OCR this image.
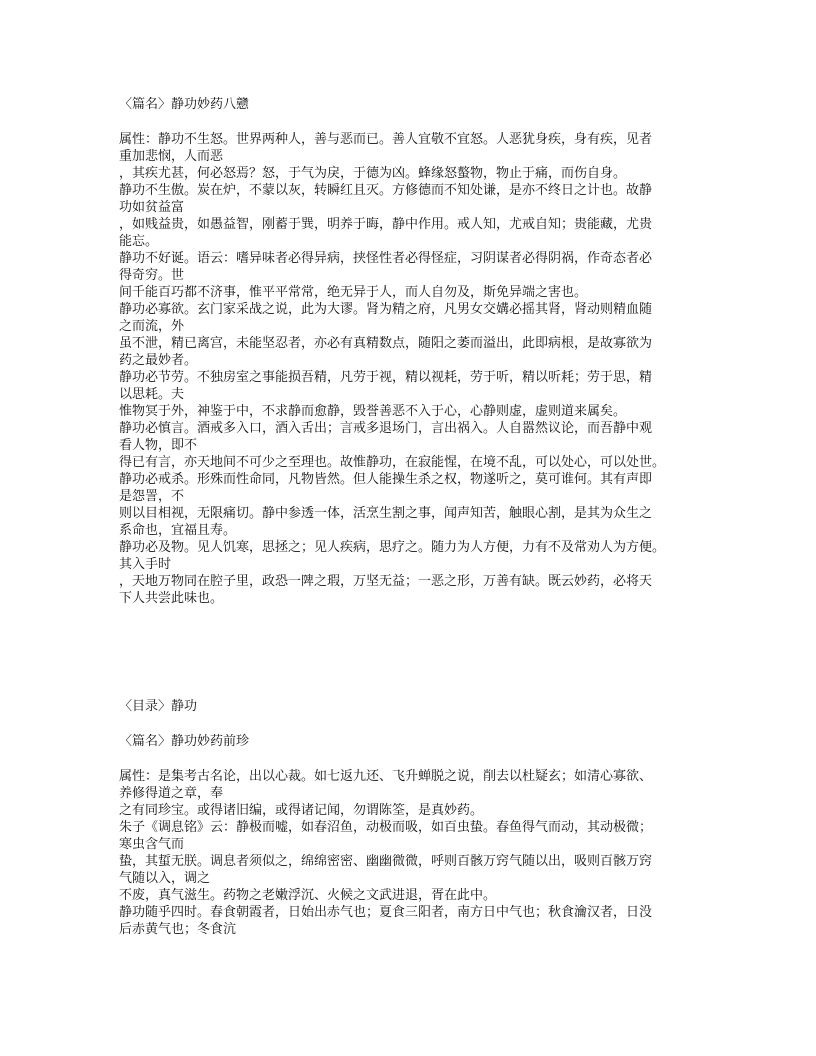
〈篇名〉静功妙药八戆
属性：静功不生怒。世界两种人，善与恶而已。善人宜敬不宜怒。人恶犹身疾，身有疾，见者
重加悲悯，人而恶
，其疾尤甚，何必怒焉？怒，于气为戾，于德为凶。蜂缘怒螯物，物止于痛，而伤自身。
静功不生傲。炭在炉，不蒙以灰，转瞬红且灭。方修德而不知处谦，是亦不终日之计也。故静
功如贫益富
，如贱益贵，如愚益智，刚蓄于巽，明养于晦，静中作用。戒人知，尤戒自知；贵能藏，尤贵
能忘。
静功不好诞。语云：嗜异味者必得异病，挟怪性者必得怪症，习阴谋者必得阴祸，作奇态者必
得奇穷。世
间千能百巧都不济事，惟平平常常，绝无异于人，而人自勿及，斯免异端之害也。
静功必寡欲。玄门家采战之说，此为大谬。肾为精之府，凡男女交媾必摇其肾，肾动则精血随
之而流，外
虽不泄，精已离宫，未能坚忍者，亦必有真精数点，随阳之萎而溢出，此即病根，是故寡欲为
药之最妙者。
静功必节劳。不独房室之事能损吾精，凡劳于视，精以视耗，劳于听，精以听耗；劳于思，精
以思耗。夫
惟物冥于外，神鉴于中，不求静而愈静，毁誉善恶不入于心，心静则虚，虚则道来属矣。
静功必慎言。酒戒多入口，酒入舌出；言戒多退场门，言出祸入。人自嚣然议论，而吾静中观
看人物，即不
得已有言，亦天地间不可少之至理也。故惟静功，在寂能惺，在境不乱，可以处心，可以处世。
静功必戒杀。形殊而性命同，凡物皆然。但人能操生杀之权，物遂听之，莫可谁何。其有声即
是怨詈，不
则以目相视，无限痛切。静中参透一体，活烹生割之事，闻声知苦，触眼心割，是其为众生之
系命也，宜福且寿。
静功必及物。见人饥寒，思拯之；见人疾病，思疗之。随力为人方便，力有不及常劝人为方便。
其入手时
，天地万物同在腔子里，政恐一陴之瑕，万坚无益；一恶之形，万善有缺。既云妙药，必将天
下人共尝此味也。
〈目录〉静功
〈篇名〉静功妙药前珍
属性：是集考古名论，出以心裁。如七返九还、飞升蝉脱之说，削去以杜疑玄；如清心寡欲、
养修得道之章，奉
之有同珍宝。或得诸旧编，或得诸记闻，勿谓陈筌，是真妙药。
朱子《调息铭》云：静极而嘘，如春沼鱼，动极而吸，如百虫蛰。春鱼得气而动，其动极微；
寒虫含气而
蛰，其蜇无朕。调息者须似之，绵绵密密、幽幽微微，呼则百骸万窍气随以出，吸则百骸万窍
气随以入，调之
不废，真气滋生。药物之老嫩浮沉、火候之文武进退，胥在此中。
静功随乎四时。春食朝霞者，日始出赤气也；夏食三阳者，南方日中气也；秋食瀹汉者，日没
后赤黄气也；冬食沆
